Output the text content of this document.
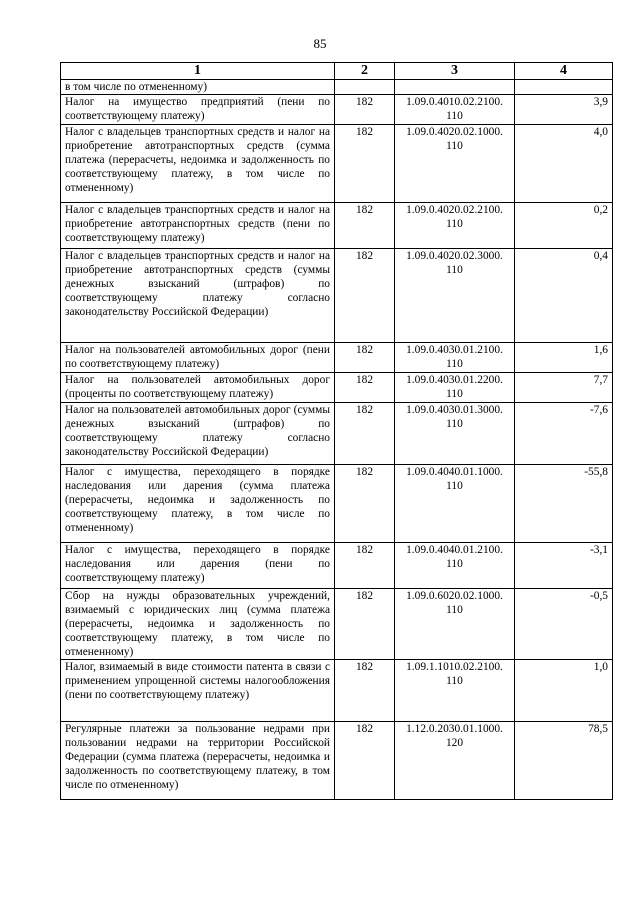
85
1	2	3	4
в том числе по отмененному)			
Налог на имущество предприятий (пени по соответствующему платежу)	182	1.09.0.4010.02.2100. 110	3,9
Налог с владельцев транспортных средств и налог на приобретение автотранспортных средств (сумма платежа (перерасчеты, недоимка и задолженность по соответствующему платежу, в том числе по отмененному)	182	1.09.0.4020.02.1000. 110	4,0
Налог с владельцев транспортных средств и налог на приобретение автотранспортных средств (пени по соответствующему платежу)	182	1.09.0.4020.02.2100. 110	0,2
Налог с владельцев транспортных средств и налог на приобретение автотранспортных средств (суммы денежных взысканий (штрафов) по соответствующему платежу согласно законодательству Российской Федерации)	182	1.09.0.4020.02.3000. 110	0,4
Налог на пользователей автомобильных дорог (пени по соответствующему платежу)	182	1.09.0.4030.01.2100. 110	1,6
Налог на пользователей автомобильных дорог (проценты по соответствующему платежу)	182	1.09.0.4030.01.2200. 110	7,7
Налог на пользователей автомобильных дорог (суммы денежных взысканий (штрафов) по соответствующему платежу согласно законодательству Российской Федерации)	182	1.09.0.4030.01.3000. 110	-7,6
Налог с имущества, переходящего в порядке наследования или дарения (сумма платежа (перерасчеты, недоимка и задолженность по соответствующему платежу, в том числе по отмененному)	182	1.09.0.4040.01.1000. 110	-55,8
Налог с имущества, переходящего в порядке наследования или дарения (пени по соответствующему платежу)	182	1.09.0.4040.01.2100. 110	-3,1
Сбор на нужды образовательных учреждений, взимаемый с юридических лиц (сумма платежа (перерасчеты, недоимка и задолженность по соответствующему платежу, в том числе по отмененному)	182	1.09.0.6020.02.1000. 110	-0,5
Налог, взимаемый в виде стоимости патента в связи с применением упрощенной системы налогообложения (пени по соответствующему платежу)	182	1.09.1.1010.02.2100. 110	1,0
Регулярные платежи за пользование недрами при пользовании недрами на территории Российской Федерации (сумма платежа (перерасчеты, недоимка и задолженность по соответствующему платежу, в том числе по отмененному)	182	1.12.0.2030.01.1000. 120	78,5
